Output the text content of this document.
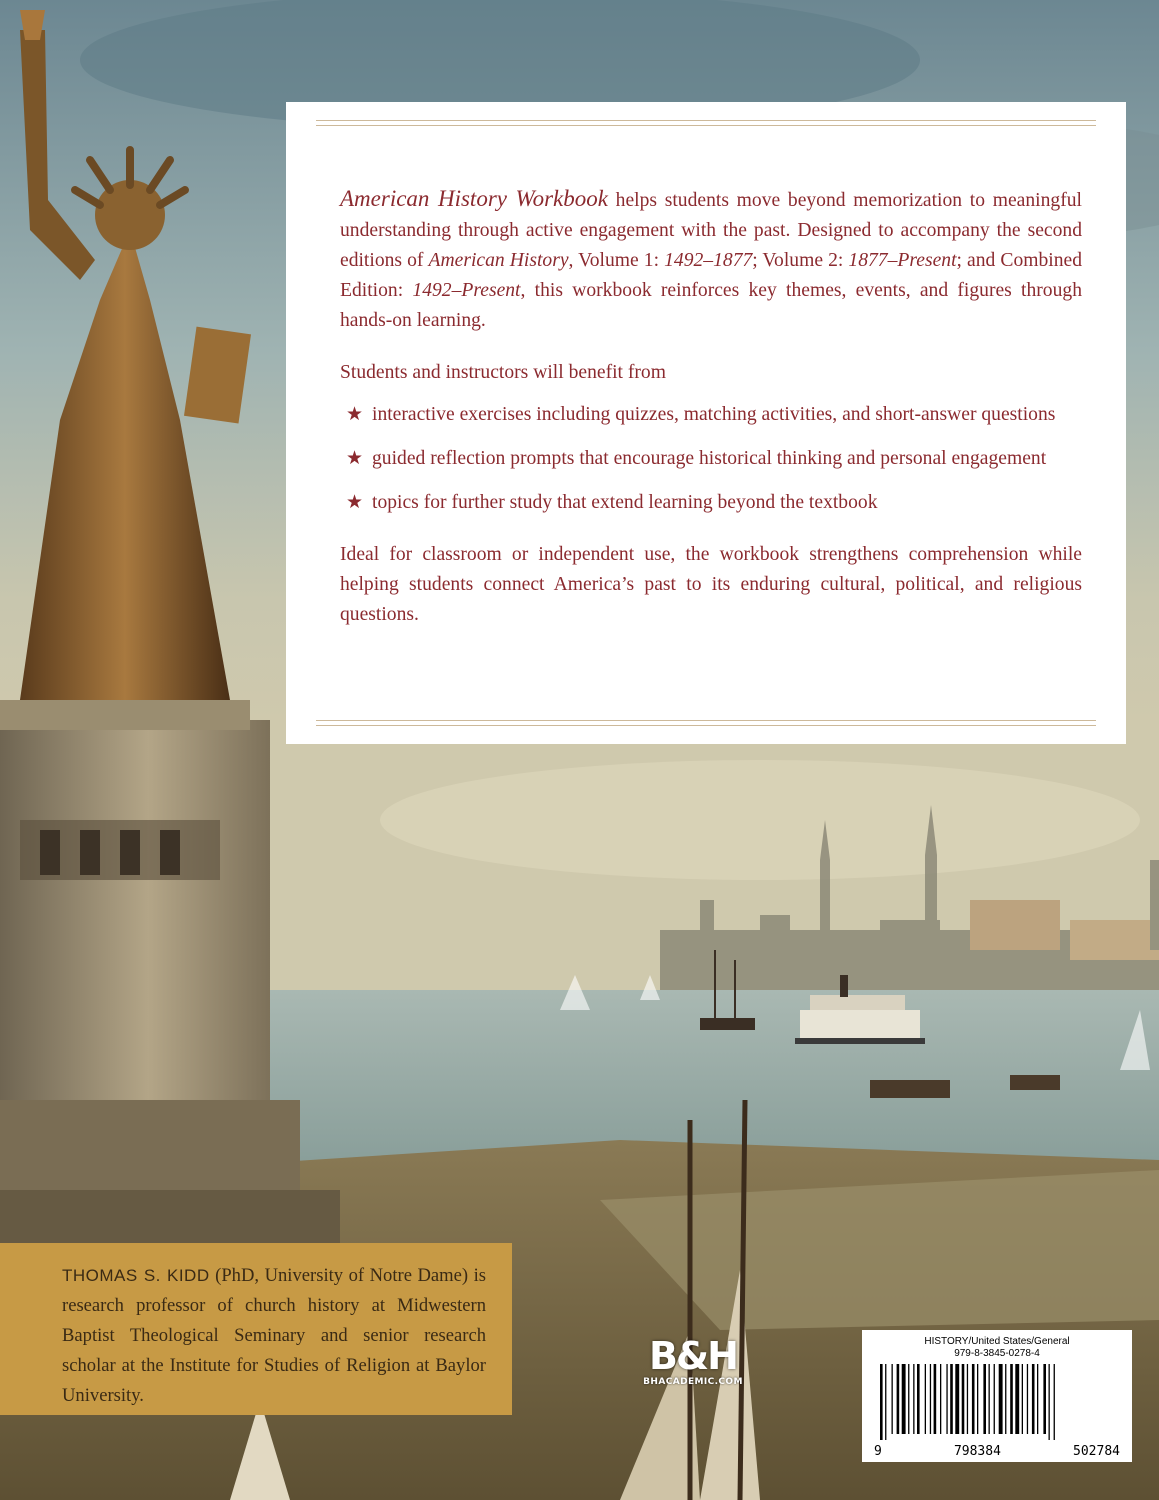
American History Workbook helps students move beyond memorization to meaningful understanding through active engagement with the past. Designed to accompany the second editions of American History, Volume 1: 1492–1877; Volume 2: 1877–Present; and Combined Edition: 1492–Present, this workbook reinforces key themes, events, and figures through hands-on learning.

Students and instructors will benefit from

★ interactive exercises including quizzes, matching activities, and short-answer questions
★ guided reflection prompts that encourage historical thinking and personal engagement
★ topics for further study that extend learning beyond the textbook

Ideal for classroom or independent use, the workbook strengthens comprehension while helping students connect America’s past to its enduring cultural, political, and religious questions.

THOMAS S. KIDD (PhD, University of Notre Dame) is research professor of church history at Midwestern Baptist Theological Seminary and senior research scholar at the Institute for Studies of Religion at Baylor University.
B&H
BHACADEMIC.COM
HISTORY/United States/General
979-8-3845-0278-4
9	798384	502784
